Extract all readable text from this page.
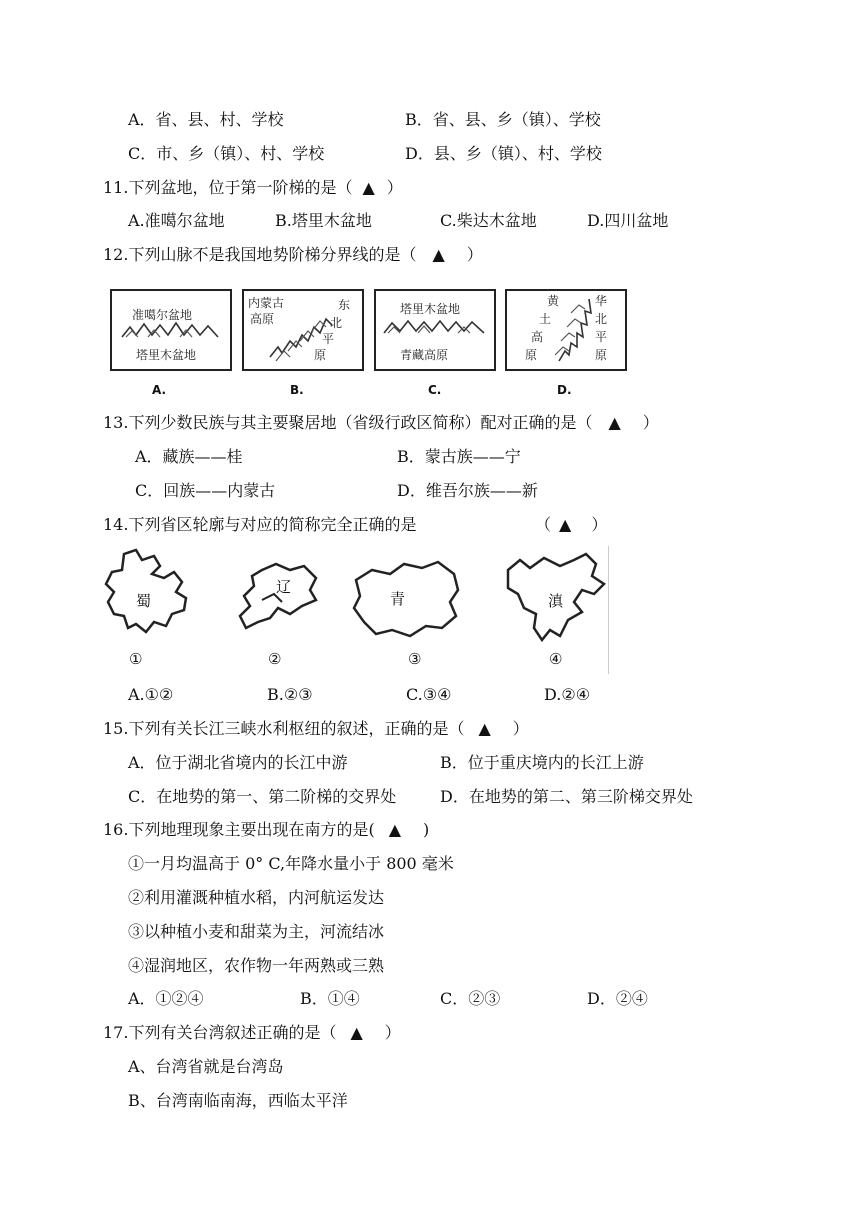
A．省、县、村、学校	B．省、县、乡（镇）、学校
C．市、乡（镇）、村、学校	D．县、乡（镇）、村、学校
11.下列盆地，位于第一阶梯的是（ ▲ ）
A.准噶尔盆地	B.塔里木盆地	C.柴达木盆地	D.四川盆地
12.下列山脉不是我国地势阶梯分界线的是（ ▲ ）
准噶尔盆地
塔里木盆地
A.
内蒙古
高原
东
北
平
原
B.
塔里木盆地
青藏高原
C.
黄
土
高
原
华
北
平
原
D.
13.下列少数民族与其主要聚居地（省级行政区简称）配对正确的是（ ▲ ）
A．藏族——桂	B．蒙古族——宁
C．回族——内蒙古	D．维吾尔族——新
14.下列省区轮廓与对应的简称完全正确的是	（ ▲ ）
蜀
①
辽
②
青
③
滇
④
A.①②	B.②③	C.③④	D.②④
15.下列有关长江三峡水利枢纽的叙述，正确的是（ ▲ ）
A．位于湖北省境内的长江中游	B．位于重庆境内的长江上游
C．在地势的第一、第二阶梯的交界处	D．在地势的第二、第三阶梯交界处
16.下列地理现象主要出现在南方的是( ▲ )
①一月均温高于 0° C,年降水量小于 800 毫米
②利用灌溉种植水稻，内河航运发达
③以种植小麦和甜菜为主，河流结冰
④湿润地区，农作物一年两熟或三熟
A．①②④	B．①④	C．②③	D．②④
17.下列有关台湾叙述正确的是（ ▲ ）
A、台湾省就是台湾岛
B、台湾南临南海，西临太平洋
